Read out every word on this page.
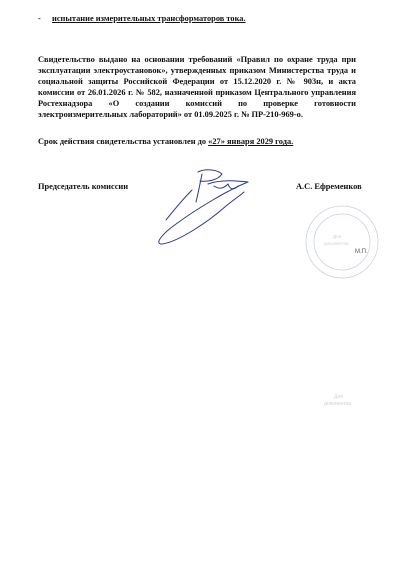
- испытание измерительных трансформаторов тока.
Свидетельство выдано на основании требований «Правил по охране труда при эксплуатации электроустановок», утвержденных приказом Министерства труда и социальной защиты Российской Федерации от 15.12.2020 г. № 903н, и акта комиссии от 26.01.2026 г. № 582, назначенной приказом Центрального управления Ростехнадзора «О создании комиссий по проверке готовности электроизмерительных лабораторий» от 01.09.2025 г. № ПР-210-969-о.
Срок действия свидетельства установлен до «27» января 2029 года.
Председатель комиссии	А.С. Ефременков
Для
документов
М.П.
Для
документов
